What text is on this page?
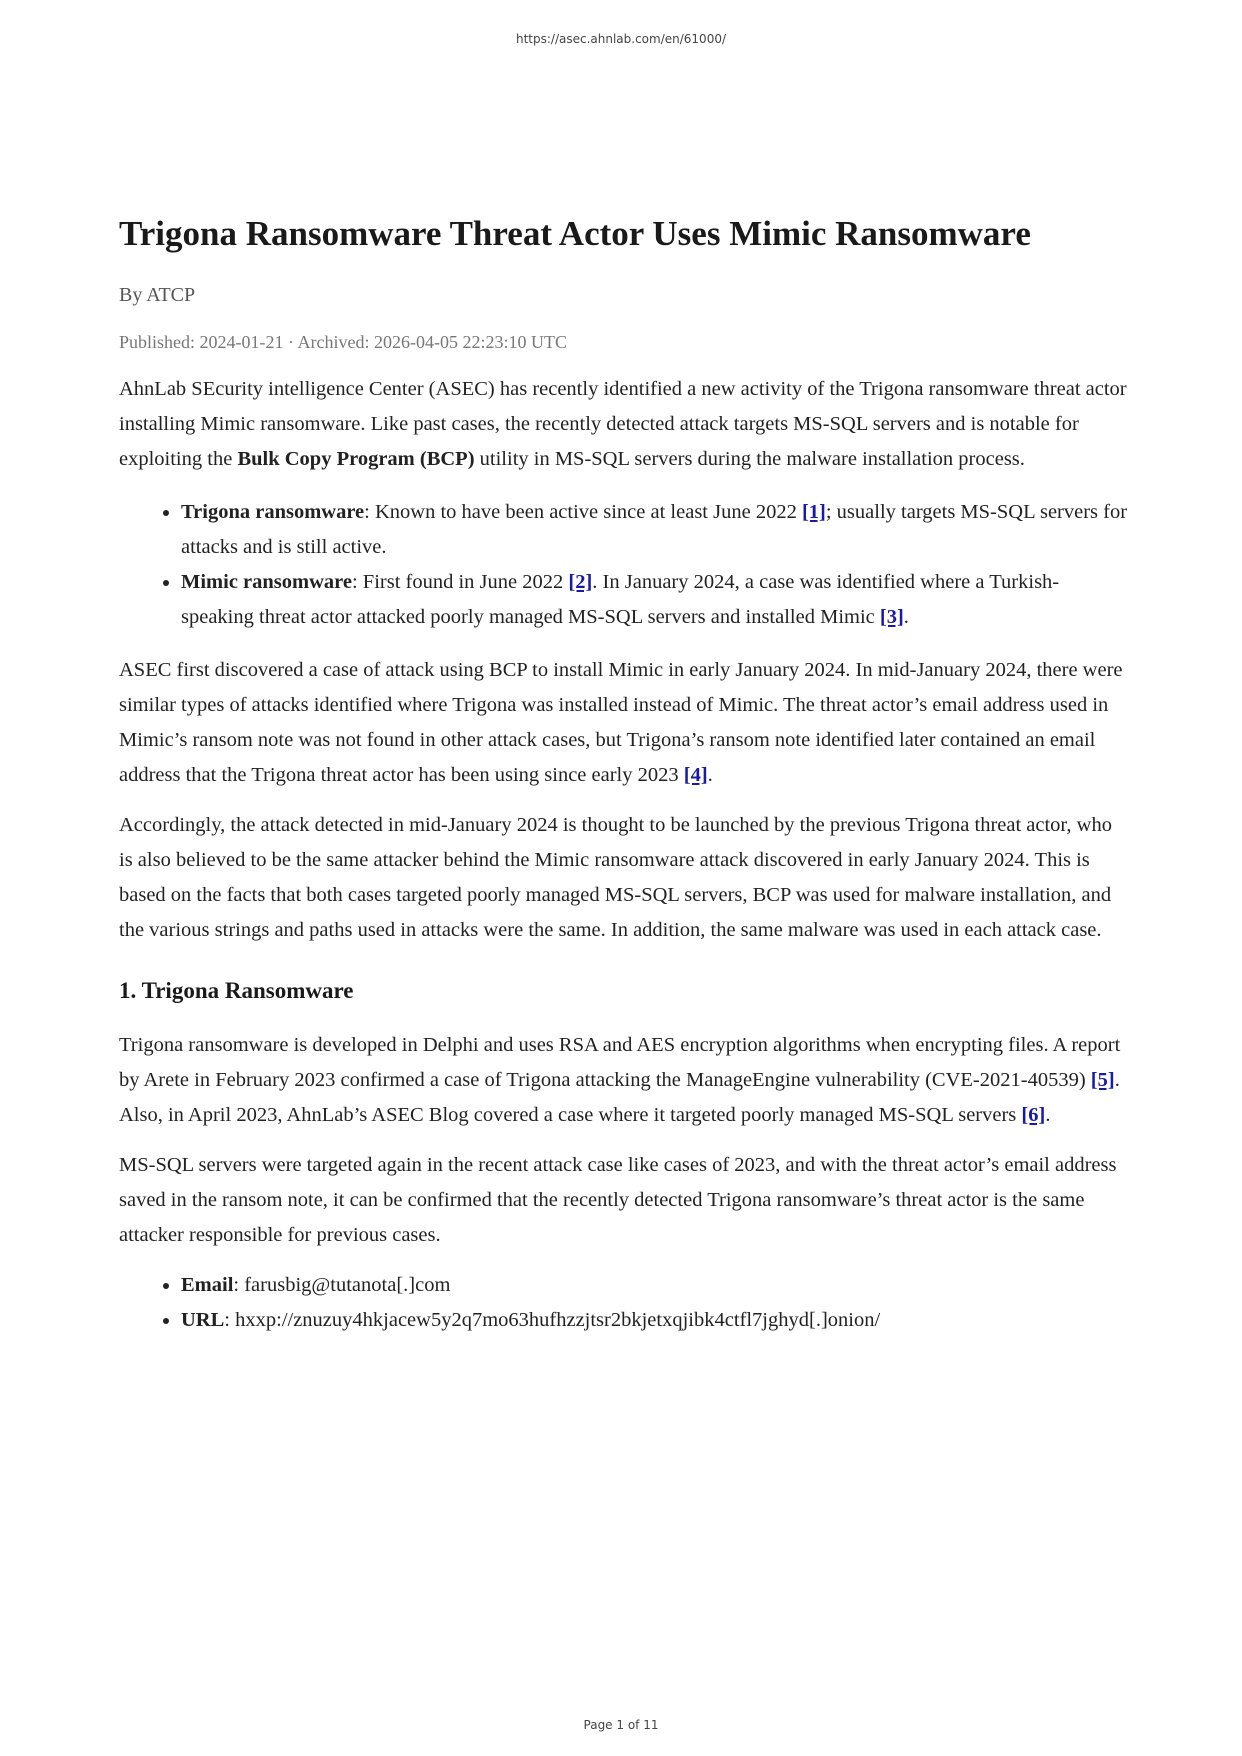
https://asec.ahnlab.com/en/61000/
Trigona Ransomware Threat Actor Uses Mimic Ransomware
By ATCP
Published: 2024-01-21 · Archived: 2026-04-05 22:23:10 UTC

AhnLab SEcurity intelligence Center (ASEC) has recently identified a new activity of the Trigona ransomware threat actor installing Mimic ransomware. Like past cases, the recently detected attack targets MS-SQL servers and is notable for exploiting the Bulk Copy Program (BCP) utility in MS-SQL servers during the malware installation process.

• Trigona ransomware: Known to have been active since at least June 2022 [1]; usually targets MS-SQL servers for attacks and is still active.
• Mimic ransomware: First found in June 2022 [2]. In January 2024, a case was identified where a Turkish-speaking threat actor attacked poorly managed MS-SQL servers and installed Mimic [3].

ASEC first discovered a case of attack using BCP to install Mimic in early January 2024. In mid-January 2024, there were similar types of attacks identified where Trigona was installed instead of Mimic. The threat actor’s email address used in Mimic’s ransom note was not found in other attack cases, but Trigona’s ransom note identified later contained an email address that the Trigona threat actor has been using since early 2023 [4].

Accordingly, the attack detected in mid-January 2024 is thought to be launched by the previous Trigona threat actor, who is also believed to be the same attacker behind the Mimic ransomware attack discovered in early January 2024. This is based on the facts that both cases targeted poorly managed MS-SQL servers, BCP was used for malware installation, and the various strings and paths used in attacks were the same. In addition, the same malware was used in each attack case.

1. Trigona Ransomware

Trigona ransomware is developed in Delphi and uses RSA and AES encryption algorithms when encrypting files. A report by Arete in February 2023 confirmed a case of Trigona attacking the ManageEngine vulnerability (CVE-2021-40539) [5]. Also, in April 2023, AhnLab’s ASEC Blog covered a case where it targeted poorly managed MS-SQL servers [6].

MS-SQL servers were targeted again in the recent attack case like cases of 2023, and with the threat actor’s email address saved in the ransom note, it can be confirmed that the recently detected Trigona ransomware’s threat actor is the same attacker responsible for previous cases.

• Email: farusbig@tutanota[.]com
• URL: hxxp://znuzuy4hkjacew5y2q7mo63hufhzzjtsr2bkjetxqjibk4ctfl7jghyd[.]onion/
Page 1 of 11
